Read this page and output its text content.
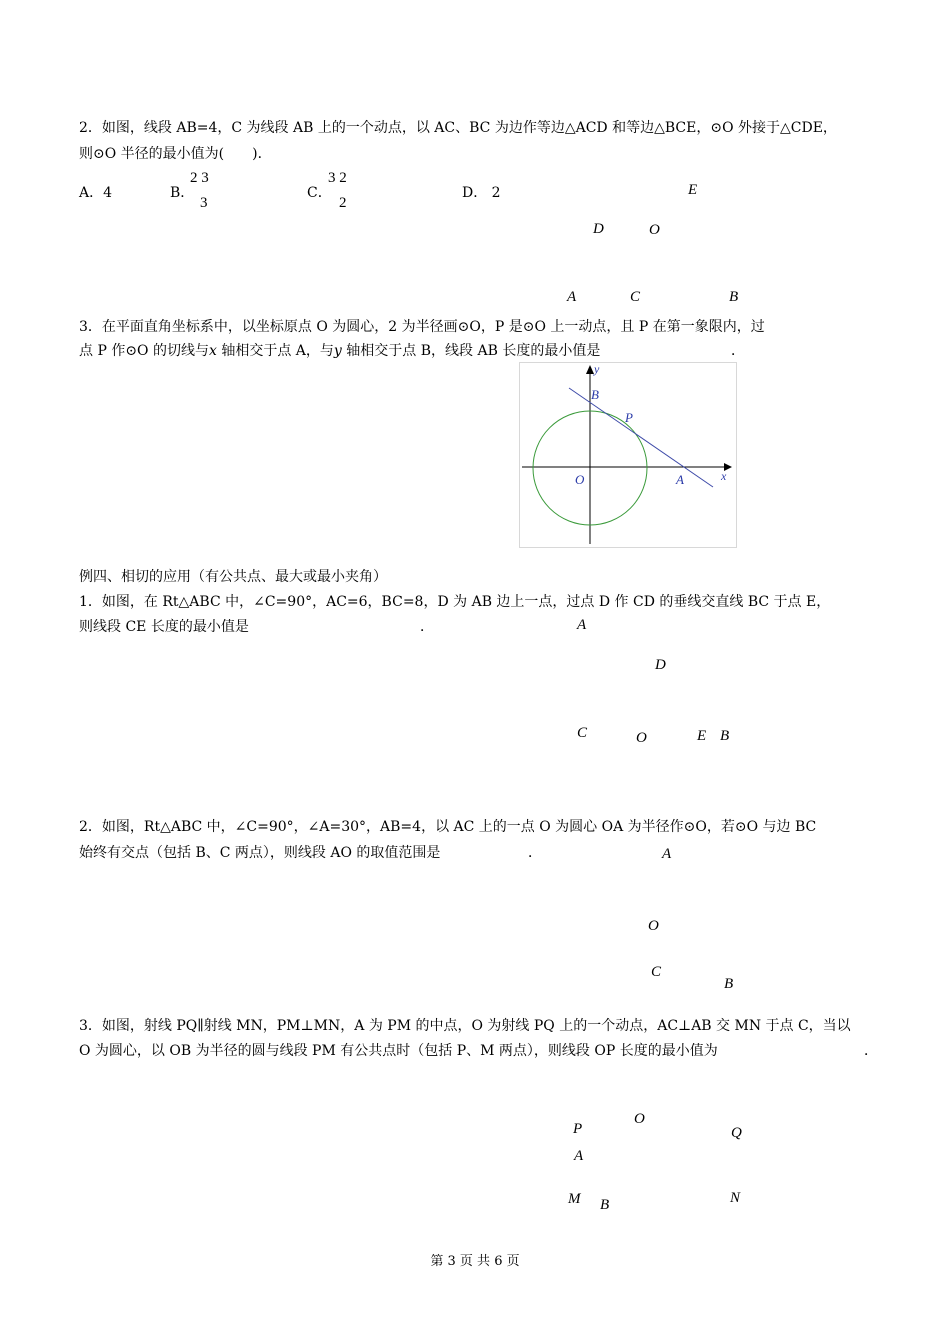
2．如图，线段 AB=4，C 为线段 AB 上的一个动点，以 AC、BC 为边作等边△ACD 和等边△BCE，⊙O 外接于△CDE，
则⊙O 半径的最小值为(　　)．
A．4	B．
2 3
3
C．
3 2
2
D． 2	E
D	O
A	C	B
3．在平面直角坐标系中，以坐标原点 O 为圆心，2 为半径画⊙O，P 是⊙O 上一动点，且 P 在第一象限内，过
点 P 作⊙O 的切线与x 轴相交于点 A，与y 轴相交于点 B，线段 AB 长度的最小值是	．
y
x
B
P
O	A
例四、相切的应用（有公共点、最大或最小夹角）
1．如图，在 Rt△ABC 中，∠C=90°，AC=6，BC=8，D 为 AB 边上一点，过点 D 作 CD 的垂线交直线 BC 于点 E，
则线段 CE 长度的最小值是	．	A
D
C	O	E B
2．如图，Rt△ABC 中，∠C=90°，∠A=30°，AB=4，以 AC 上的一点 O 为圆心 OA 为半径作⊙O，若⊙O 与边 BC
始终有交点（包括 B、C 两点），则线段 AO 的取值范围是	．	A
O
C
B
3．如图，射线 PQ∥射线 MN，PM⊥MN，A 为 PM 的中点，O 为射线 PQ 上的一个动点，AC⊥AB 交 MN 于点 C，当以
O 为圆心，以 OB 为半径的圆与线段 PM 有公共点时（包括 P、M 两点），则线段 OP 长度的最小值为	．
O
P	Q
A
M B	N
第 3 页 共 6 页
